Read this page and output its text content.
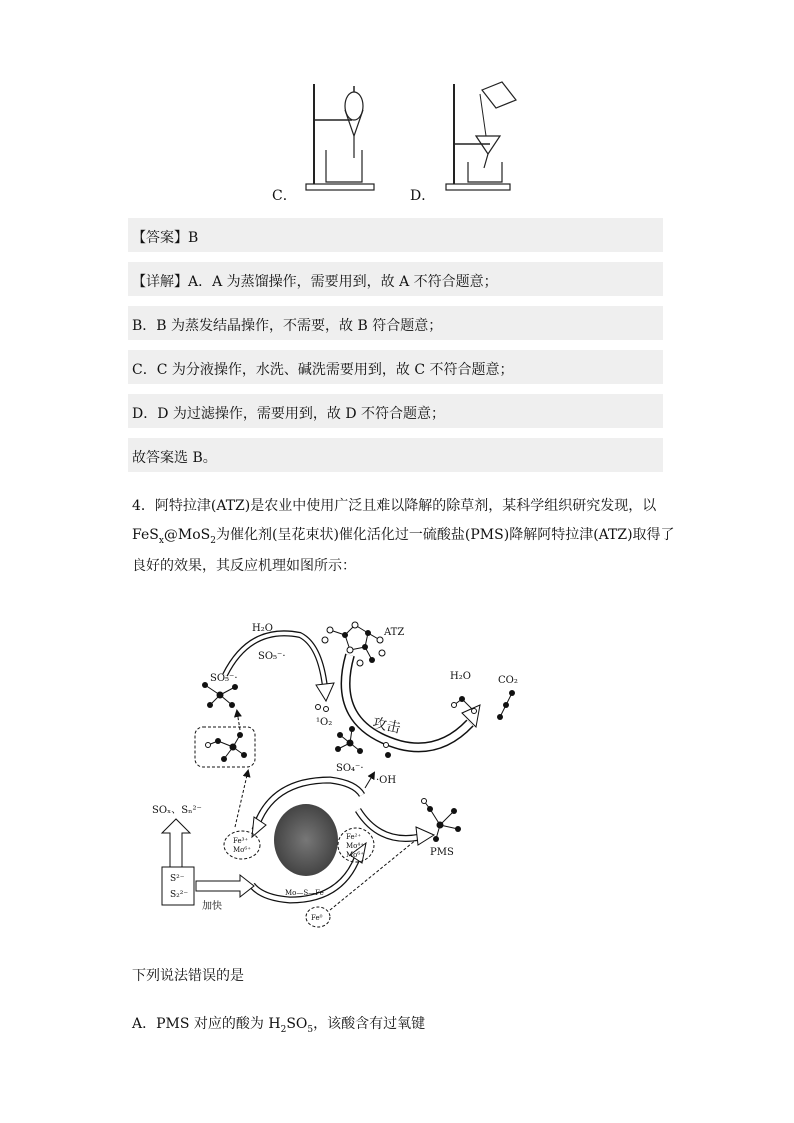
C．	D．
【答案】B
【详解】A．A 为蒸馏操作，需要用到，故 A 不符合题意；
B．B 为蒸发结晶操作，不需要，故 B 符合题意；
C．C 为分液操作，水洗、碱洗需要用到，故 C 不符合题意；
D．D 为过滤操作，需要用到，故 D 不符合题意；
故答案选 B。
4．阿特拉津(ATZ)是农业中使用广泛且难以降解的除草剂，某科学组织研究发现，以
FeS$_x$@MoS$_2$为催化剂(呈花束状)催化活化过一硫酸盐(PMS)降解阿特拉津(ATZ)取得了
良好的效果，其反应机理如图所示：
H₂O
SO₅⁻·
SO₅⁻·
¹O₂
ATZ
攻击
H₂O	CO₂
SO₄⁻·
·OH
Mo—S—Fe
Fe³⁺
Mo⁶⁺
Fe²⁺
Mo⁴⁺
Mo⁶⁺
Fe⁰
PMS
SOₓ、Sₙ²⁻
S²⁻
S₂²⁻
加快
下列说法错误的是
A．PMS 对应的酸为 $H_2SO_5$，该酸含有过氧键
